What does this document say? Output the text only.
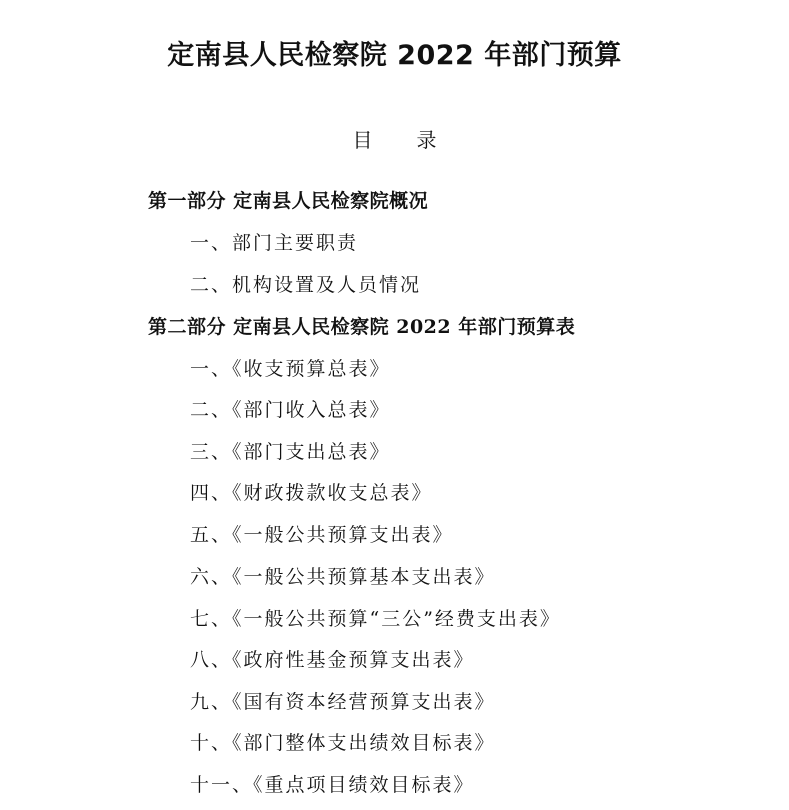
定南县人民检察院 2022 年部门预算
目 录
第一部分 定南县人民检察院概况
一、部门主要职责
二、机构设置及人员情况
第二部分 定南县人民检察院 2022 年部门预算表
一、《收支预算总表》
二、《部门收入总表》
三、《部门支出总表》
四、《财政拨款收支总表》
五、《一般公共预算支出表》
六、《一般公共预算基本支出表》
七、《一般公共预算“三公”经费支出表》
八、《政府性基金预算支出表》
九、《国有资本经营预算支出表》
十、《部门整体支出绩效目标表》
十一、《重点项目绩效目标表》
